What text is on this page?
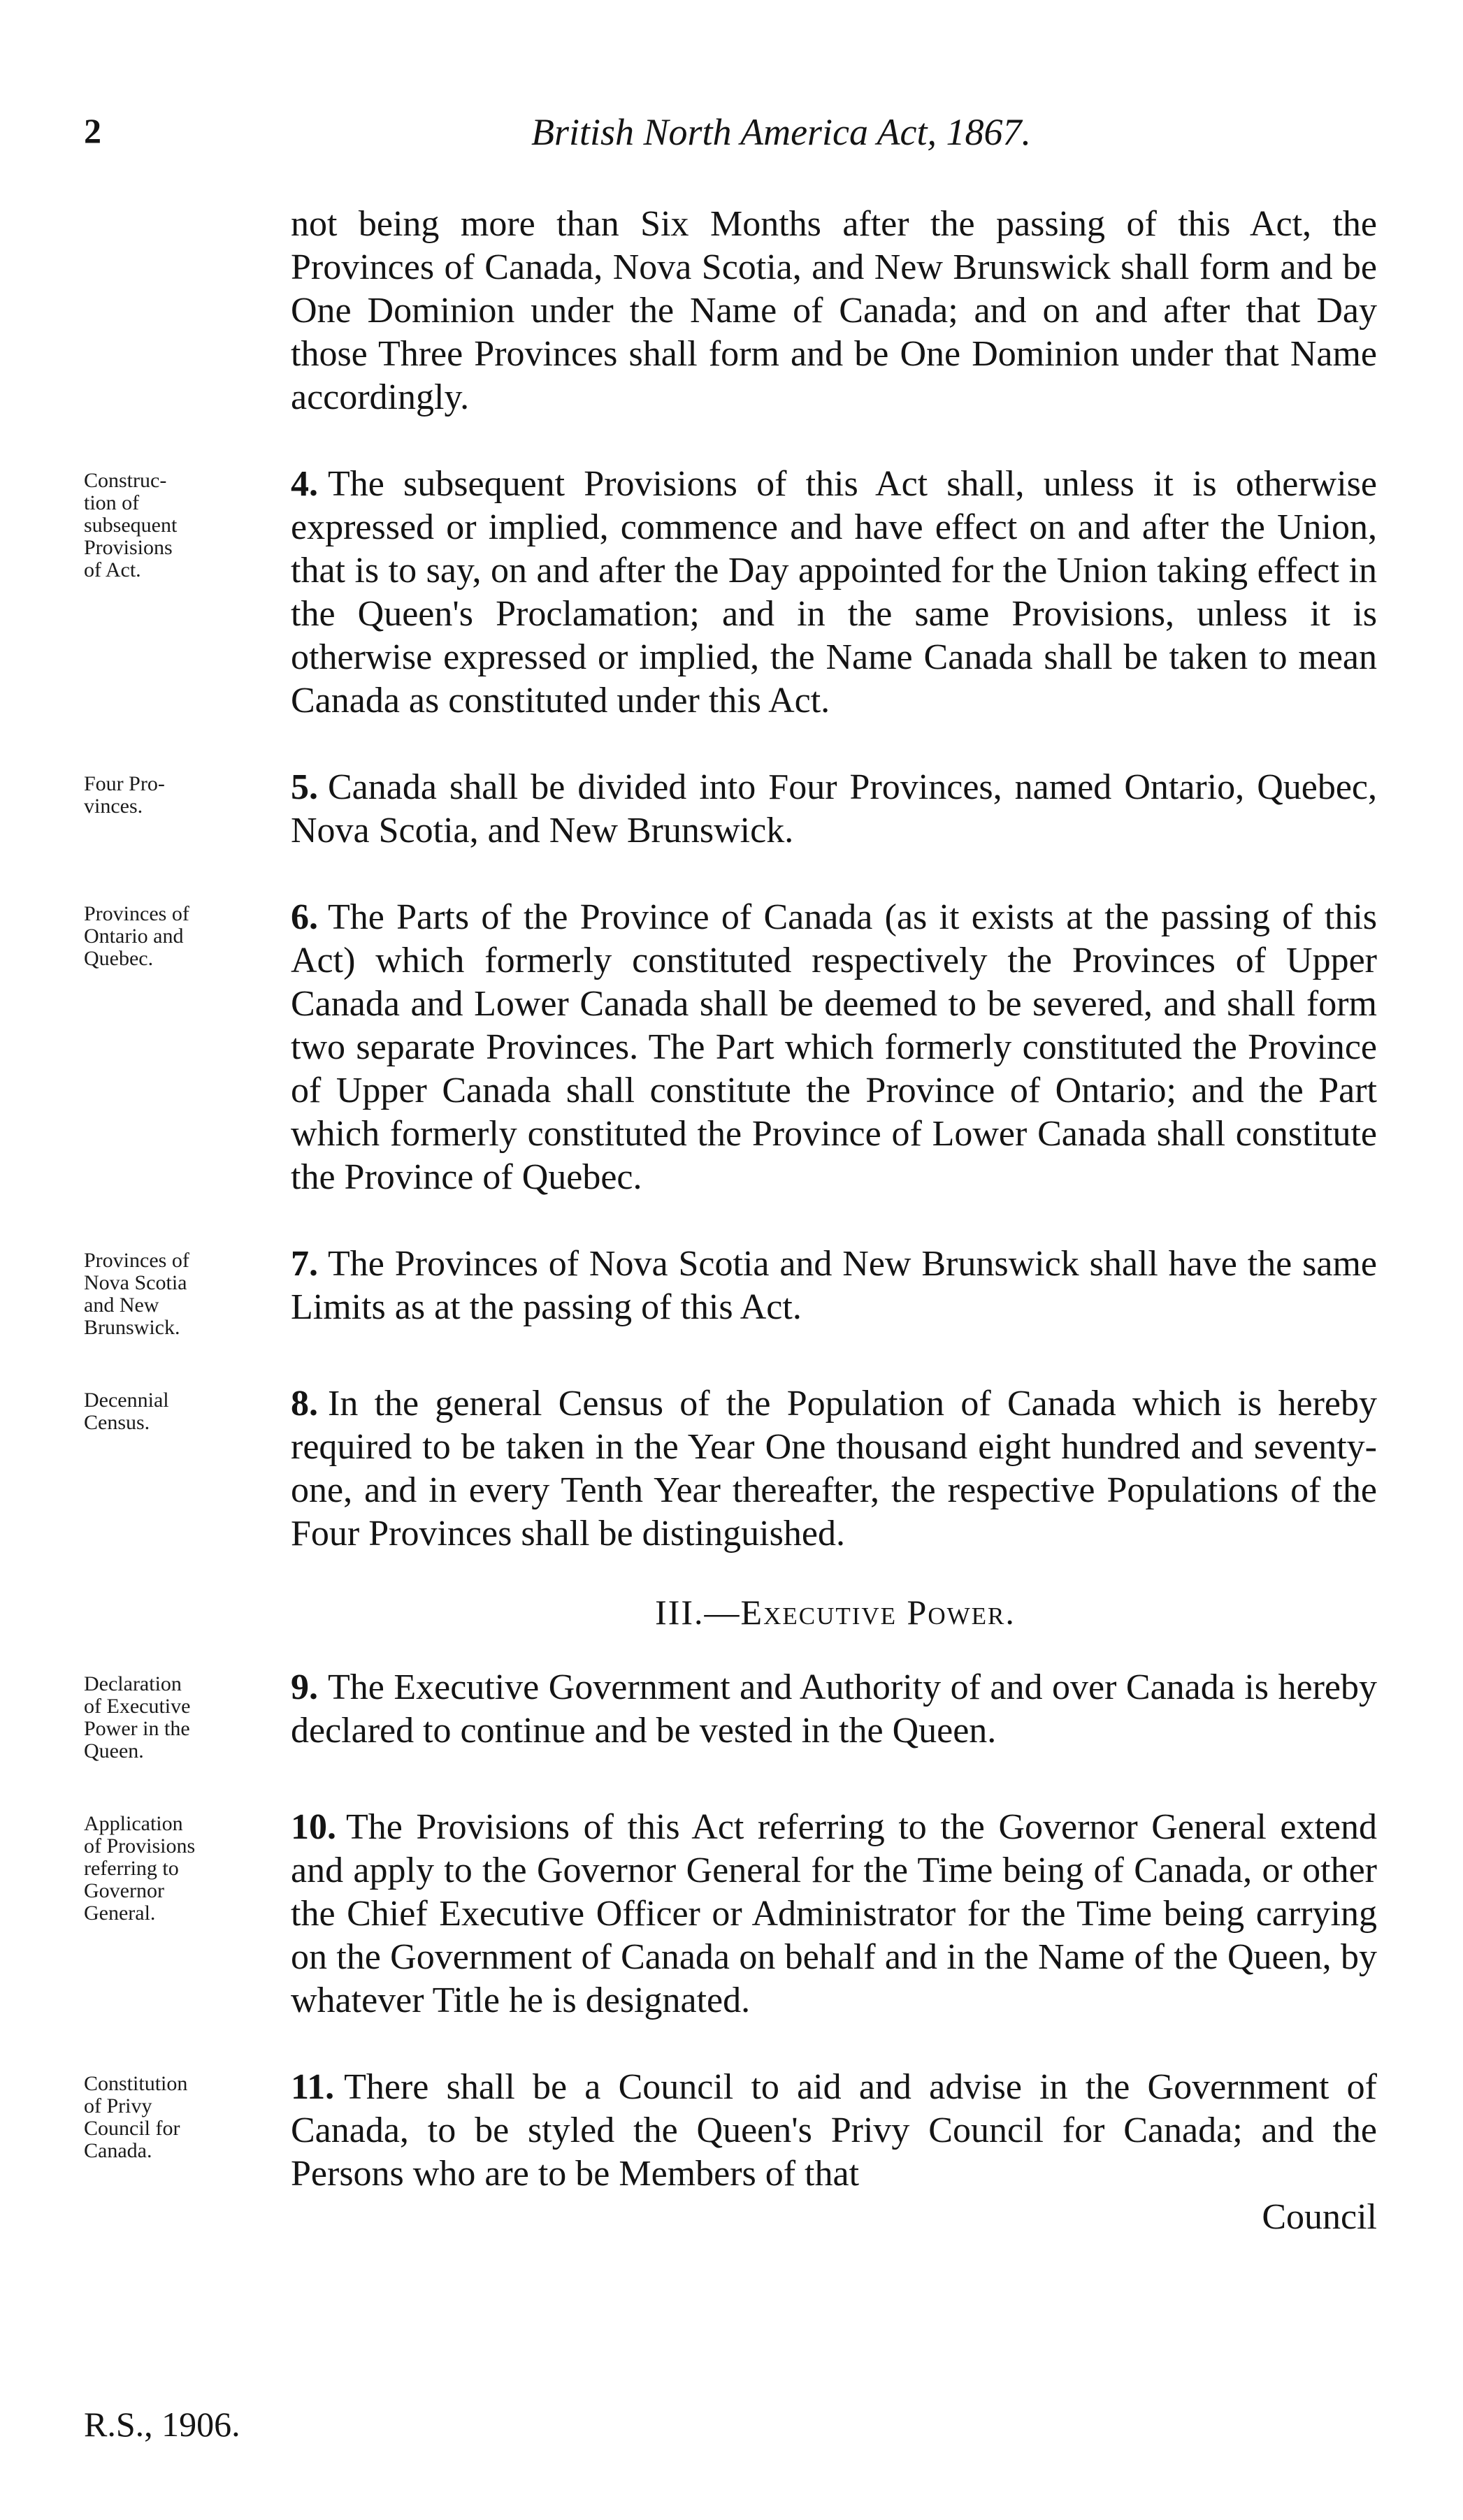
2	British North America Act, 1867.
not being more than Six Months after the passing of this Act, the Provinces of Canada, Nova Scotia, and New Brunswick shall form and be One Dominion under the Name of Canada; and on and after that Day those Three Provinces shall form and be One Dominion under that Name accordingly.
Construc-
tion of
subsequent
Provisions
of Act.
4. The subsequent Provisions of this Act shall, unless it is otherwise expressed or implied, commence and have effect on and after the Union, that is to say, on and after the Day appointed for the Union taking effect in the Queen's Proclamation; and in the same Provisions, unless it is otherwise expressed or implied, the Name Canada shall be taken to mean Canada as constituted under this Act.
Four Pro-
vinces.	5. Canada shall be divided into Four Provinces, named Ontario, Quebec, Nova Scotia, and New Brunswick.
Provinces of
Ontario and
Quebec.
6. The Parts of the Province of Canada (as it exists at the passing of this Act) which formerly constituted respectively the Provinces of Upper Canada and Lower Canada shall be deemed to be severed, and shall form two separate Provinces. The Part which formerly constituted the Province of Upper Canada shall constitute the Province of Ontario; and the Part which formerly constituted the Province of Lower Canada shall constitute the Province of Quebec.
Provinces of
Nova Scotia
and New
Brunswick.
7. The Provinces of Nova Scotia and New Brunswick shall have the same Limits as at the passing of this Act.
Decennial
Census.	8. In the general Census of the Population of Canada which is hereby required to be taken in the Year One thousand eight hundred and seventy-one, and in every Tenth Year thereafter, the respective Populations of the Four Provinces shall be distinguished.
III.—Executive Power.
Declaration
of Executive
Power in the
Queen.
9. The Executive Government and Authority of and over Canada is hereby declared to continue and be vested in the Queen.
Application
of Provisions
referring to
Governor
General.
10. The Provisions of this Act referring to the Governor General extend and apply to the Governor General for the Time being of Canada, or other the Chief Executive Officer or Administrator for the Time being carrying on the Government of Canada on behalf and in the Name of the Queen, by whatever Title he is designated.
Constitution
of Privy
Council for
Canada.
11. There shall be a Council to aid and advise in the Government of Canada, to be styled the Queen's Privy Council for Canada; and the Persons who are to be Members of that
Council
R.S., 1906.
